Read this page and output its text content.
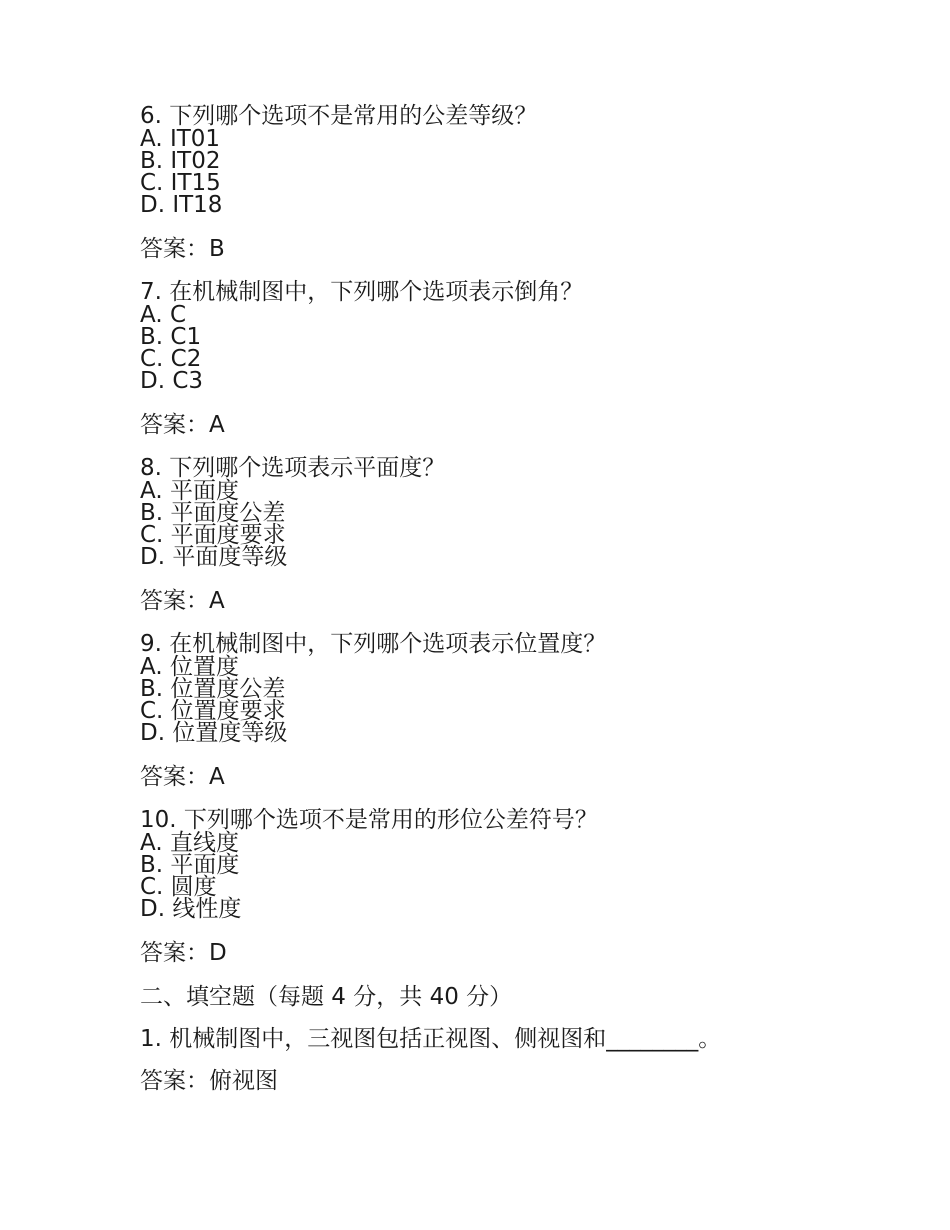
6. 下列哪个选项不是常用的公差等级？
A. IT01
B. IT02
C. IT15
D. IT18
答案：B
7. 在机械制图中，下列哪个选项表示倒角？
A. C
B. C1
C. C2
D. C3
答案：A
8. 下列哪个选项表示平面度？
A. 平面度
B. 平面度公差
C. 平面度要求
D. 平面度等级
答案：A
9. 在机械制图中，下列哪个选项表示位置度？
A. 位置度
B. 位置度公差
C. 位置度要求
D. 位置度等级
答案：A
10. 下列哪个选项不是常用的形位公差符号？
A. 直线度
B. 平面度
C. 圆度
D. 线性度
答案：D
二、填空题（每题 4 分，共 40 分）
1. 机械制图中，三视图包括正视图、侧视图和________。
答案：俯视图
